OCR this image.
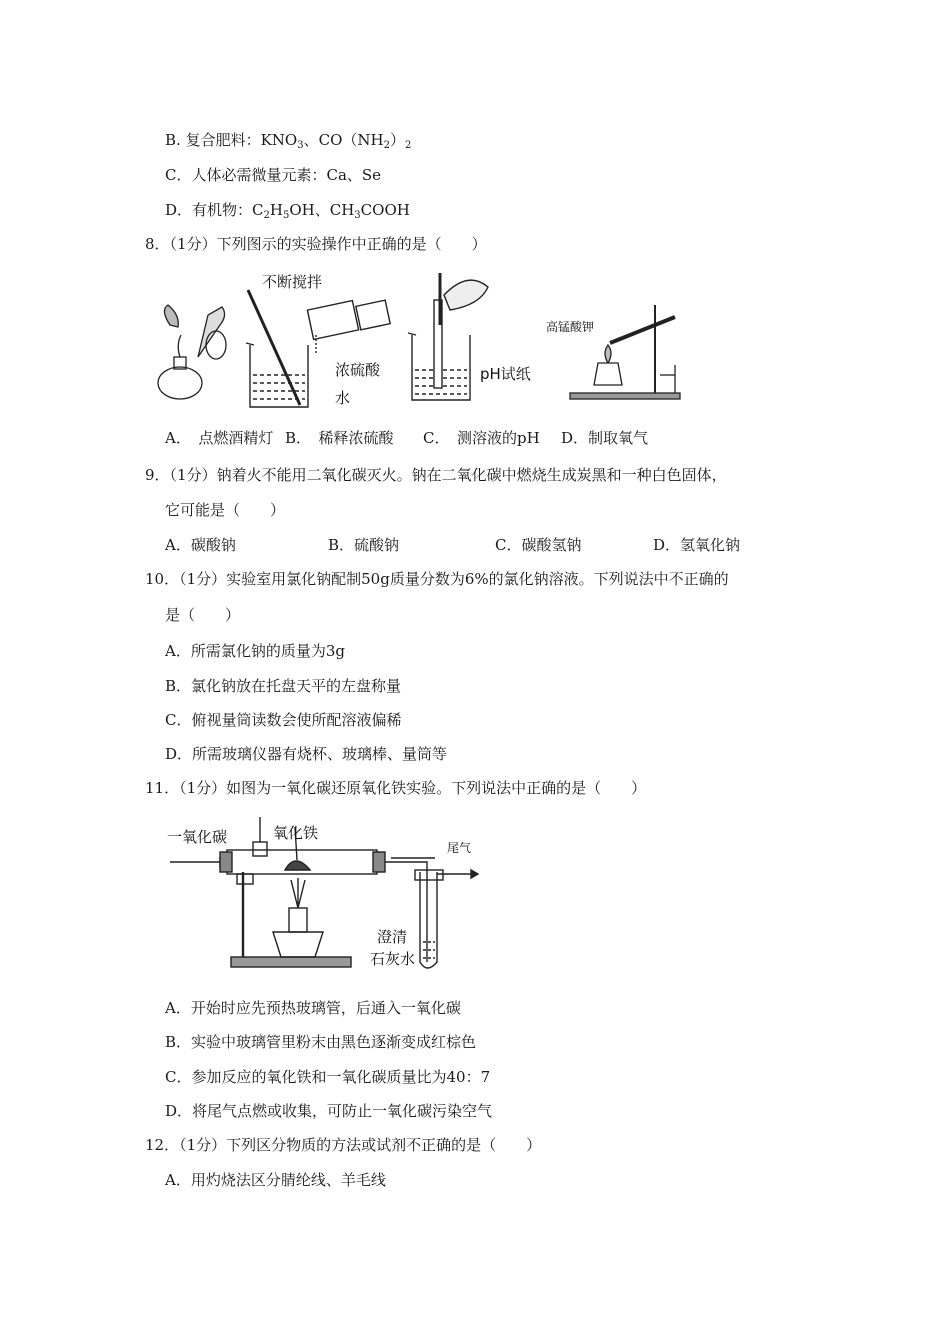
B. 复合肥料：$KNO_3$、$CO(NH_2)_2$
C．人体必需微量元素：Ca、Se
D．有机物：$C_2H_5OH$、$CH_3COOH$
8．（1分）下列图示的实验操作中正确的是（　　）
不断搅拌
浓硫酸
水
pH试纸
高锰酸钾
A．　点燃酒精灯 B．　稀释浓硫酸 C．　测溶液的pH D．制取氧气
9．（1分）钠着火不能用二氧化碳灭火。钠在二氧化碳中燃烧生成炭黑和一种白色固体，
它可能是（　　）
A．碳酸钠	B．硫酸钠	C．碳酸氢钠	D．氢氧化钠
10．（1分）实验室用氯化钠配制50g质量分数为6%的氯化钠溶液。下列说法中不正确的
是（　　）
A．所需氯化钠的质量为3g
B．氯化钠放在托盘天平的左盘称量
C．俯视量筒读数会使所配溶液偏稀
D．所需玻璃仪器有烧杯、玻璃棒、量筒等
11．（1分）如图为一氧化碳还原氧化铁实验。下列说法中正确的是（　　）
一氧化碳	氧化铁
尾气
澄清
石灰水
A．开始时应先预热玻璃管，后通入一氧化碳
B．实验中玻璃管里粉末由黑色逐渐变成红棕色
C．参加反应的氧化铁和一氧化碳质量比为40：7
D．将尾气点燃或收集，可防止一氧化碳污染空气
12．（1分）下列区分物质的方法或试剂不正确的是（　　）
A．用灼烧法区分腈纶线、羊毛线
